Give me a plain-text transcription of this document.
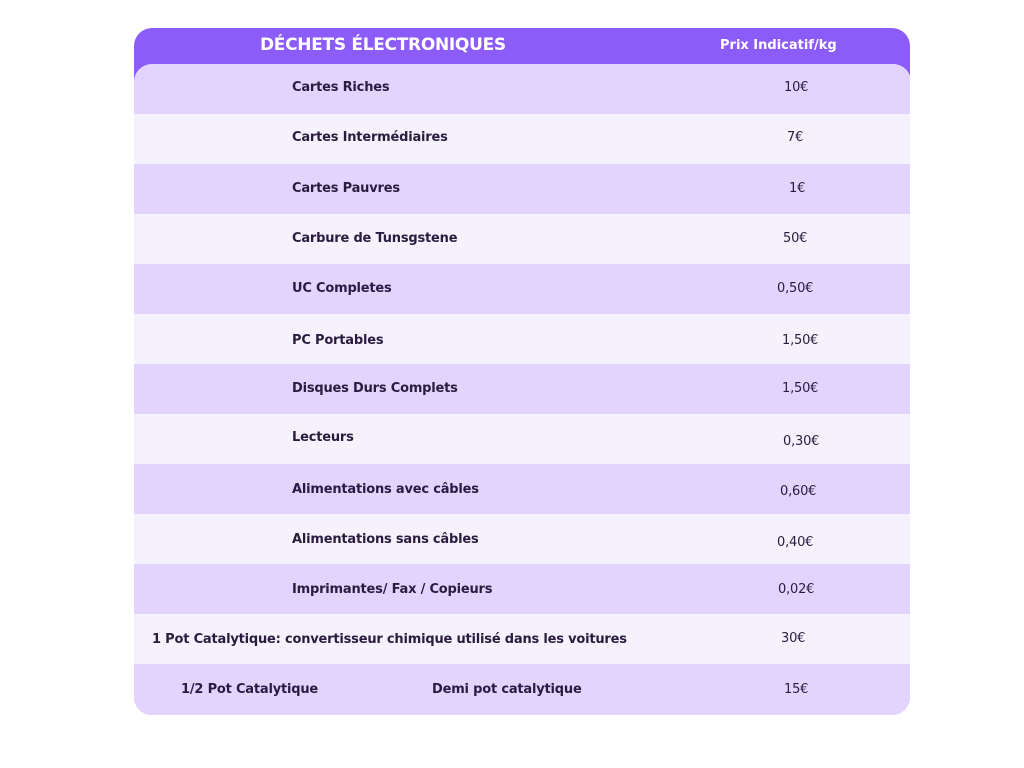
DÉCHETS ÉLECTRONIQUES	Prix Indicatif/kg
Cartes Riches	10€
Cartes Intermédiaires	7€
Cartes Pauvres	1€
Carbure de Tunsgstene	50€
UC Completes	0,50€
PC Portables	1,50€
Disques Durs Complets	1,50€
Lecteurs	0,30€
Alimentations avec câbles	0,60€
Alimentations sans câbles	0,40€
Imprimantes/ Fax / Copieurs	0,02€
1 Pot Catalytique: convertisseur chimique utilisé dans les voitures	30€
1/2 Pot Catalytique	Demi pot catalytique	15€
